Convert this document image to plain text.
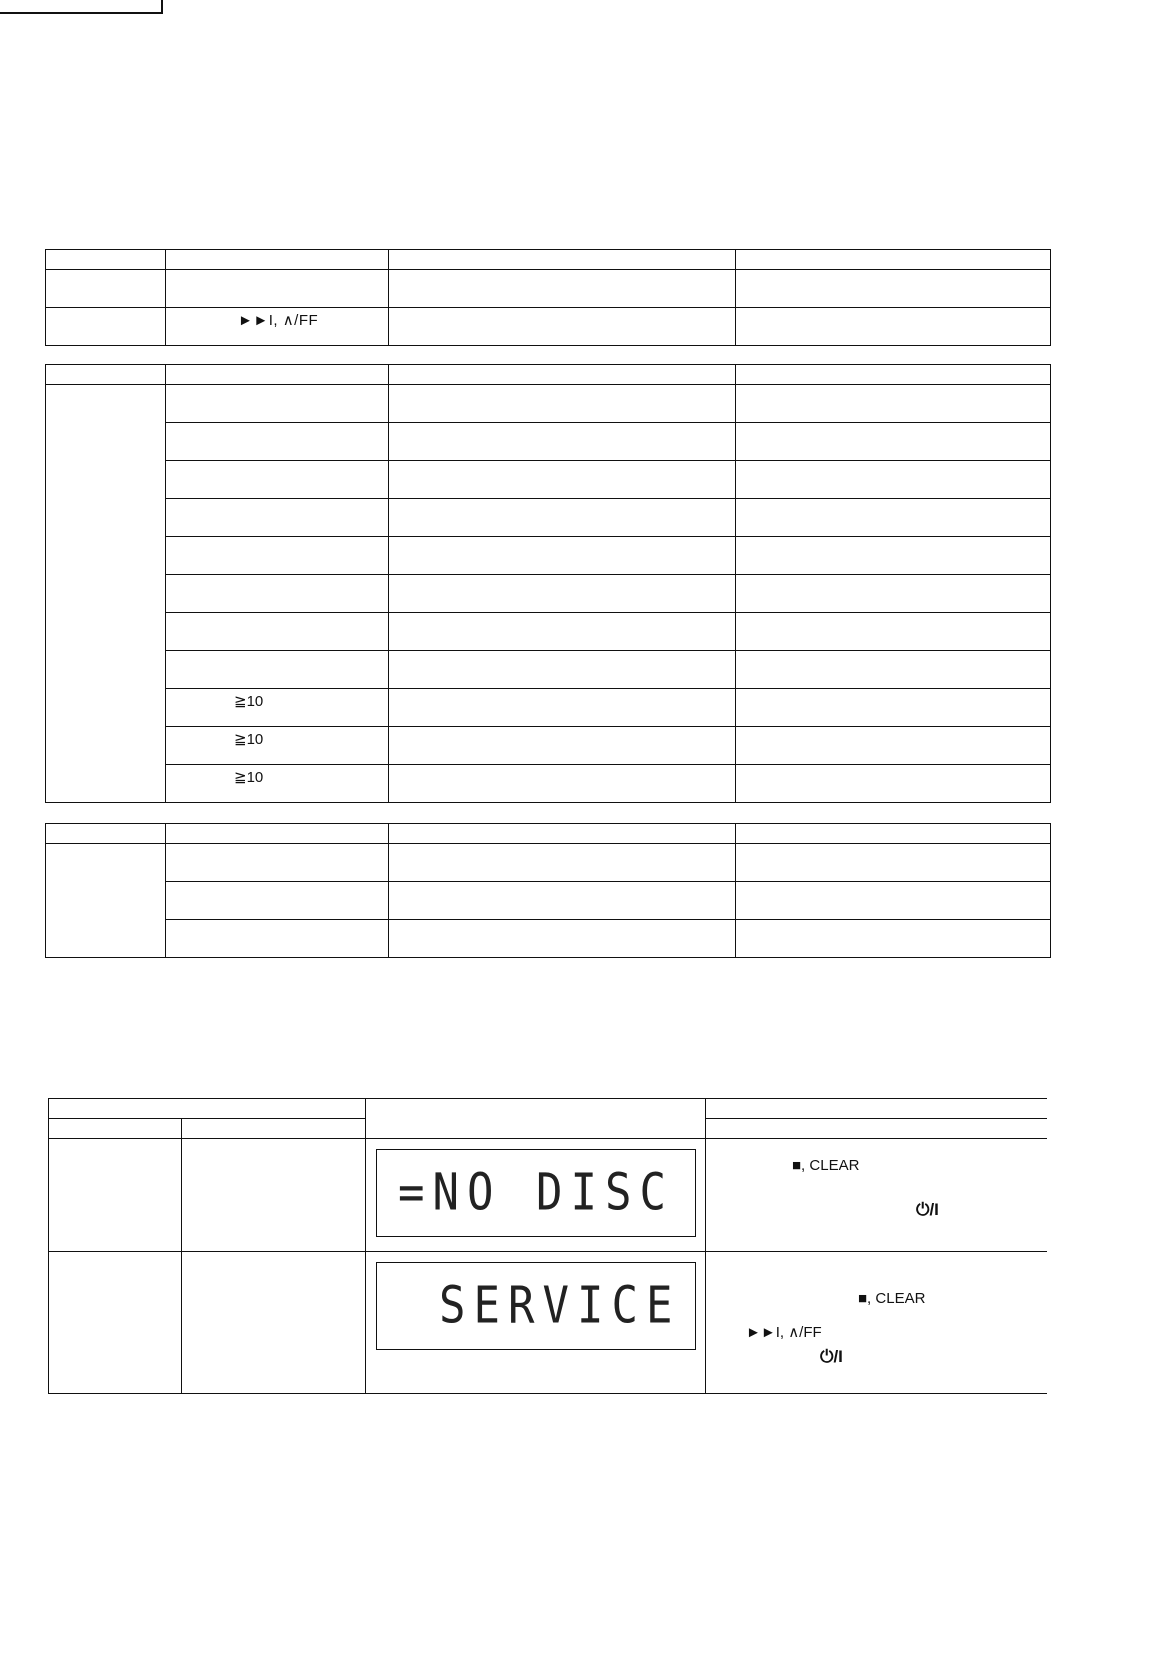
	►►I, ∧/FF		

	≧10		
	≧10		
	≧10		

		=NO DISC	■, CLEAR
⏻/I

		SERVICE	■, CLEAR
►►I, ∧/FF
⏻/I
